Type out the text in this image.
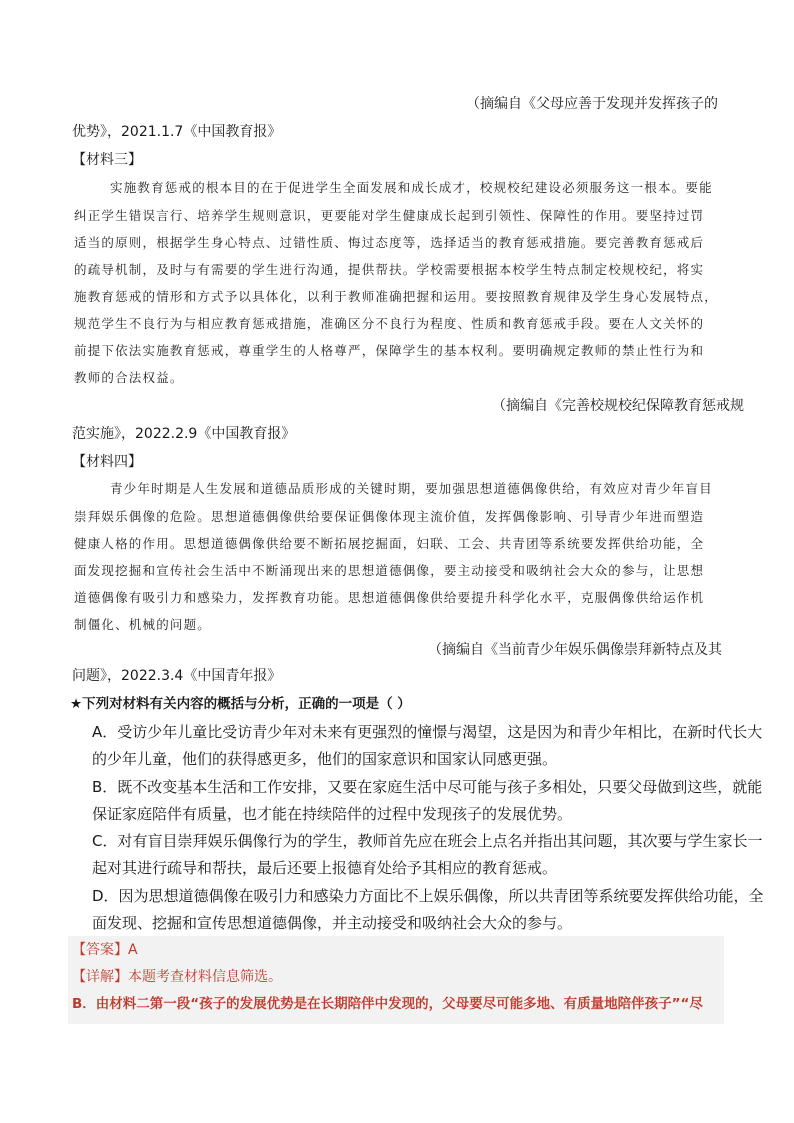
（摘编自《父母应善于发现并发挥孩子的
优势》，2021.1.7《中国教育报》
【材料三】
实施教育惩戒的根本目的在于促进学生全面发展和成长成才，校规校纪建设必须服务这一根本。要能
纠正学生错误言行、培养学生规则意识，更要能对学生健康成长起到引领性、保障性的作用。要坚持过罚
适当的原则，根据学生身心特点、过错性质、悔过态度等，选择适当的教育惩戒措施。要完善教育惩戒后
的疏导机制，及时与有需要的学生进行沟通，提供帮扶。学校需要根据本校学生特点制定校规校纪，将实
施教育惩戒的情形和方式予以具体化，以利于教师准确把握和运用。要按照教育规律及学生身心发展特点，
规范学生不良行为与相应教育惩戒措施，准确区分不良行为程度、性质和教育惩戒手段。要在人文关怀的
前提下依法实施教育惩戒，尊重学生的人格尊严，保障学生的基本权利。要明确规定教师的禁止性行为和
教师的合法权益。
（摘编自《完善校规校纪保障教育惩戒规
范实施》，2022.2.9《中国教育报》
【材料四】
青少年时期是人生发展和道德品质形成的关键时期，要加强思想道德偶像供给，有效应对青少年盲目
崇拜娱乐偶像的危险。思想道德偶像供给要保证偶像体现主流价值，发挥偶像影响、引导青少年进而塑造
健康人格的作用。思想道德偶像供给要不断拓展挖掘面，妇联、工会、共青团等系统要发挥供给功能，全
面发现挖掘和宣传社会生活中不断涌现出来的思想道德偶像，要主动接受和吸纳社会大众的参与，让思想
道德偶像有吸引力和感染力，发挥教育功能。思想道德偶像供给要提升科学化水平，克服偶像供给运作机
制僵化、机械的问题。
（摘编自《当前青少年娱乐偶像崇拜新特点及其
问题》，2022.3.4《中国青年报》
★下列对材料有关内容的概括与分析，正确的一项是（ ）
A．受访少年儿童比受访青少年对未来有更强烈的憧憬与渴望，这是因为和青少年相比，在新时代长大
的少年儿童，他们的获得感更多，他们的国家意识和国家认同感更强。
B．既不改变基本生活和工作安排，又要在家庭生活中尽可能与孩子多相处，只要父母做到这些，就能
保证家庭陪伴有质量，也才能在持续陪伴的过程中发现孩子的发展优势。
C．对有盲目崇拜娱乐偶像行为的学生，教师首先应在班会上点名并指出其问题，其次要与学生家长一
起对其进行疏导和帮扶，最后还要上报德育处给予其相应的教育惩戒。
D．因为思想道德偶像在吸引力和感染力方面比不上娱乐偶像，所以共青团等系统要发挥供给功能，全
面发现、挖掘和宣传思想道德偶像，并主动接受和吸纳社会大众的参与。
【答案】A
【详解】本题考查材料信息筛选。
B．由材料二第一段“孩子的发展优势是在长期陪伴中发现的，父母要尽可能多地、有质量地陪伴孩子”“尽
